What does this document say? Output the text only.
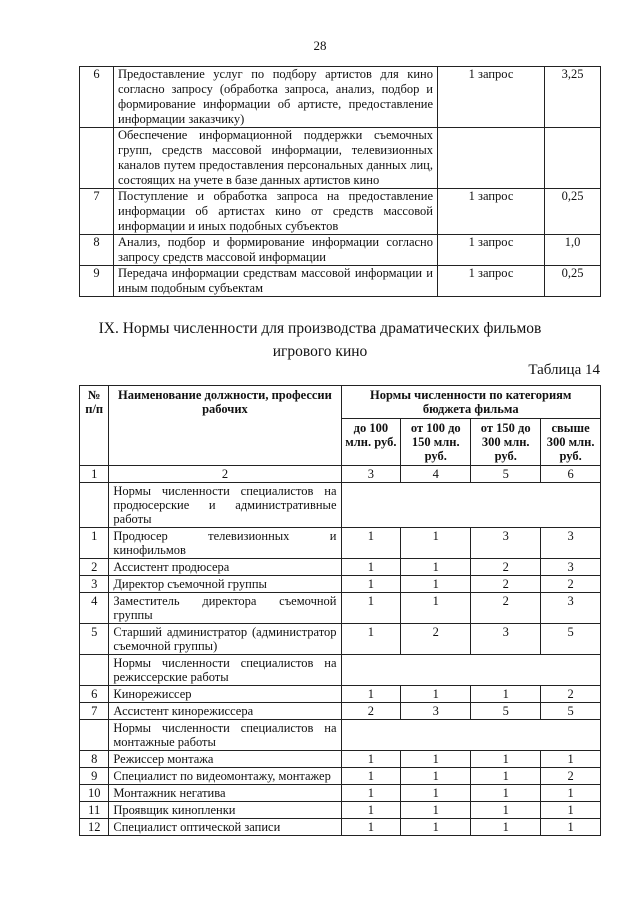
28
6	Предоставление услуг по подбору артистов для кино согласно запросу (обработка запроса, анализ, подбор и формирование информации об артисте, предоставление информации заказчику)	1 запрос	3,25
	Обеспечение информационной поддержки съемочных групп, средств массовой информации, телевизионных каналов путем предоставления персональных данных лиц, состоящих на учете в базе данных артистов кино		
7	Поступление и обработка запроса на предоставление информации об артистах кино от средств массовой информации и иных подобных субъектов	1 запрос	0,25
8	Анализ, подбор и формирование информации согласно запросу средств массовой информации	1 запрос	1,0
9	Передача информации средствам массовой информации и иным подобным субъектам	1 запрос	0,25
IX. Нормы численности для производства драматических фильмов
игрового кино
Таблица 14
№ п/п	Наименование должности, профессии рабочих	Нормы численности по категориям бюджета фильма			
		до 100 млн. руб.	от 100 до 150 млн. руб.	от 150 до 300 млн. руб.	свыше 300 млн. руб.
1	2	3	4	5	6
	Нормы численности специалистов на продюсерские и административные работы				
1	Продюсер телевизионных и кинофильмов	1	1	3	3
2	Ассистент продюсера	1	1	2	3
3	Директор съемочной группы	1	1	2	2
4	Заместитель директора съемочной группы	1	1	2	3
5	Старший администратор (администратор съемочной группы)	1	2	3	5
	Нормы численности специалистов на режиссерские работы				
6	Кинорежиссер	1	1	1	2
7	Ассистент кинорежиссера	2	3	5	5
	Нормы численности специалистов на монтажные работы				
8	Режиссер монтажа	1	1	1	1
9	Специалист по видеомонтажу, монтажер	1	1	1	2
10	Монтажник негатива	1	1	1	1
11	Проявщик кинопленки	1	1	1	1
12	Специалист оптической записи	1	1	1	1
